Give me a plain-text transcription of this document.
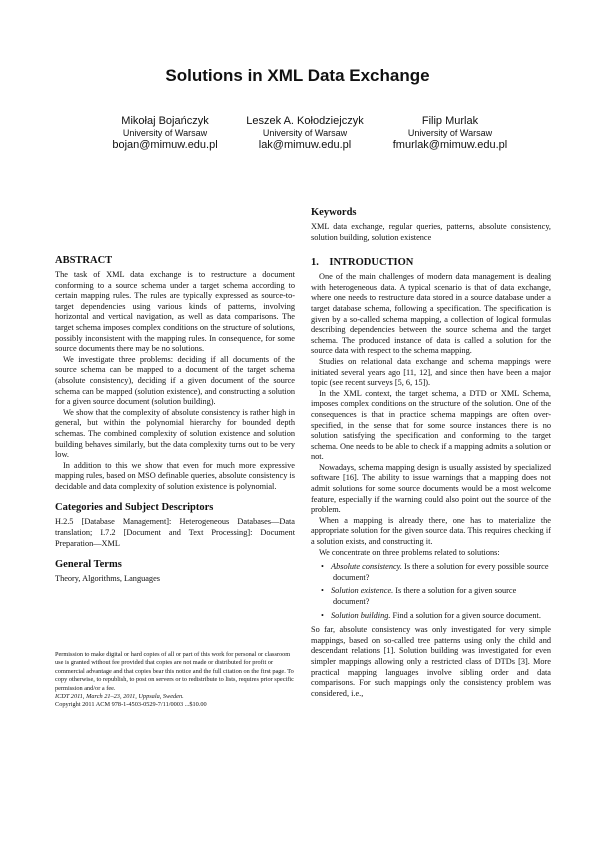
Solutions in XML Data Exchange
Mikołaj Bojańczyk
University of Warsaw
bojan@mimuw.edu.pl
Leszek A. Kołodziejczyk
University of Warsaw
lak@mimuw.edu.pl
Filip Murlak
University of Warsaw
fmurlak@mimuw.edu.pl
ABSTRACT

The task of XML data exchange is to restructure a document conforming to a source schema under a target schema according to certain mapping rules. The rules are typically expressed as source-to-target dependencies using various kinds of patterns, involving horizontal and vertical navigation, as well as data comparisons. The target schema imposes complex conditions on the structure of solutions, possibly inconsistent with the mapping rules. In consequence, for some source documents there may be no solutions.

We investigate three problems: deciding if all documents of the source schema can be mapped to a document of the target schema (absolute consistency), deciding if a given document of the source schema can be mapped (solution existence), and constructing a solution for a given source document (solution building).

We show that the complexity of absolute consistency is rather high in general, but within the polynomial hierarchy for bounded depth schemas. The combined complexity of solution existence and solution building behaves similarly, but the data complexity turns out to be very low.

In addition to this we show that even for much more expressive mapping rules, based on MSO definable queries, absolute consistency is decidable and data complexity of solution existence is polynomial.

Categories and Subject Descriptors

H.2.5 [Database Management]: Heterogeneous Databases—Data translation; I.7.2 [Document and Text Processing]: Document Preparation—XML

General Terms

Theory, Algorithms, Languages

Permission to make digital or hard copies of all or part of this work for personal or classroom use is granted without fee provided that copies are not made or distributed for profit or commercial advantage and that copies bear this notice and the full citation on the first page. To copy otherwise, to republish, to post on servers or to redistribute to lists, requires prior specific permission and/or a fee.

ICDT 2011, March 21–23, 2011, Uppsala, Sweden.

Copyright 2011 ACM 978-1-4503-0529-7/11/0003 ...$10.00

Keywords

XML data exchange, regular queries, patterns, absolute consistency, solution building, solution existence

1.    INTRODUCTION

One of the main challenges of modern data management is dealing with heterogeneous data. A typical scenario is that of data exchange, where one needs to restructure data stored in a source database under a target database schema, following a specification. The specification is given by a so-called schema mapping, a collection of logical formulas describing dependencies between the source schema and the target schema. The produced instance of data is called a solution for the source data with respect to the schema mapping.

Studies on relational data exchange and schema mappings were initiated several years ago [11, 12], and since then have been a major topic (see recent surveys [5, 6, 15]).

In the XML context, the target schema, a DTD or XML Schema, imposes complex conditions on the structure of the solution. One of the consequences is that in practice schema mappings are often over-specified, in the sense that for some source instances there is no solution satisfying the specification and conforming to the target schema. One needs to be able to check if a mapping admits a solution or not.

Nowadays, schema mapping design is usually assisted by specialized software [16]. The ability to issue warnings that a mapping does not admit solutions for some source documents would be a most welcome feature, especially if the warning could also point out the source of the problem.

When a mapping is already there, one has to materialize the appropriate solution for the given source data. This requires checking if a solution exists, and constructing it.

We concentrate on three problems related to solutions:

• Absolute consistency. Is there a solution for every possible source document?
• Solution existence. Is there a solution for a given source document?
• Solution building. Find a solution for a given source document.

So far, absolute consistency was only investigated for very simple mappings, based on so-called tree patterns using only the child and descendant relations [1]. Solution building was investigated for even simpler mappings allowing only a restricted class of DTDs [3]. More practical mapping languages involve sibling order and data comparisons. For such mappings only the consistency problem was considered, i.e.,
